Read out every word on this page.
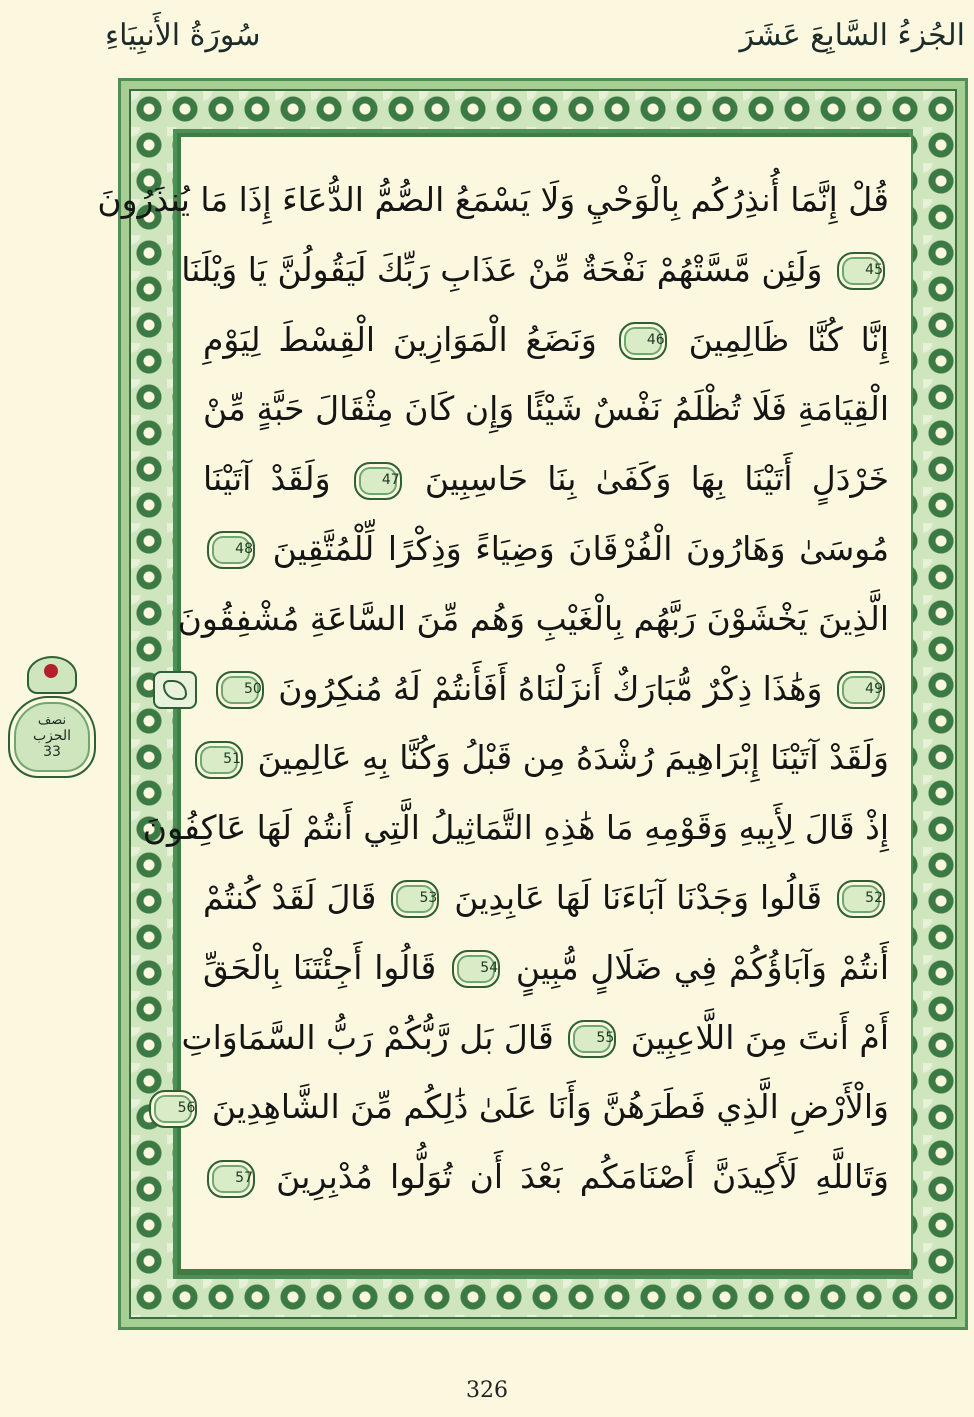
الجُزءُ السَّابِعَ عَشَرَ
سُورَةُ الأَنبِيَاءِ
نصف
الحزب
33
قُلْ إِنَّمَا أُنذِرُكُم بِالْوَحْيِ وَلَا يَسْمَعُ الصُّمُّ الدُّعَاءَ إِذَا مَا يُنذَرُونَ
45 وَلَئِن مَّسَّتْهُمْ نَفْحَةٌ مِّنْ عَذَابِ رَبِّكَ لَيَقُولُنَّ يَا وَيْلَنَا
إِنَّا كُنَّا ظَالِمِينَ 46 وَنَضَعُ الْمَوَازِينَ الْقِسْطَ لِيَوْمِ
الْقِيَامَةِ فَلَا تُظْلَمُ نَفْسٌ شَيْئًا وَإِن كَانَ مِثْقَالَ حَبَّةٍ مِّنْ
خَرْدَلٍ أَتَيْنَا بِهَا وَكَفَىٰ بِنَا حَاسِبِينَ 47 وَلَقَدْ آتَيْنَا
مُوسَىٰ وَهَارُونَ الْفُرْقَانَ وَضِيَاءً وَذِكْرًا لِّلْمُتَّقِينَ 48
الَّذِينَ يَخْشَوْنَ رَبَّهُم بِالْغَيْبِ وَهُم مِّنَ السَّاعَةِ مُشْفِقُونَ
49 وَهَٰذَا ذِكْرٌ مُّبَارَكٌ أَنزَلْنَاهُ أَفَأَنتُمْ لَهُ مُنكِرُونَ 50
وَلَقَدْ آتَيْنَا إِبْرَاهِيمَ رُشْدَهُ مِن قَبْلُ وَكُنَّا بِهِ عَالِمِينَ 51
إِذْ قَالَ لِأَبِيهِ وَقَوْمِهِ مَا هَٰذِهِ التَّمَاثِيلُ الَّتِي أَنتُمْ لَهَا عَاكِفُونَ
52 قَالُوا وَجَدْنَا آبَاءَنَا لَهَا عَابِدِينَ 53 قَالَ لَقَدْ كُنتُمْ
أَنتُمْ وَآبَاؤُكُمْ فِي ضَلَالٍ مُّبِينٍ 54 قَالُوا أَجِئْتَنَا بِالْحَقِّ
أَمْ أَنتَ مِنَ اللَّاعِبِينَ 55 قَالَ بَل رَّبُّكُمْ رَبُّ السَّمَاوَاتِ
وَالْأَرْضِ الَّذِي فَطَرَهُنَّ وَأَنَا عَلَىٰ ذَٰلِكُم مِّنَ الشَّاهِدِينَ 56
وَتَاللَّهِ لَأَكِيدَنَّ أَصْنَامَكُم بَعْدَ أَن تُوَلُّوا مُدْبِرِينَ 57
326
